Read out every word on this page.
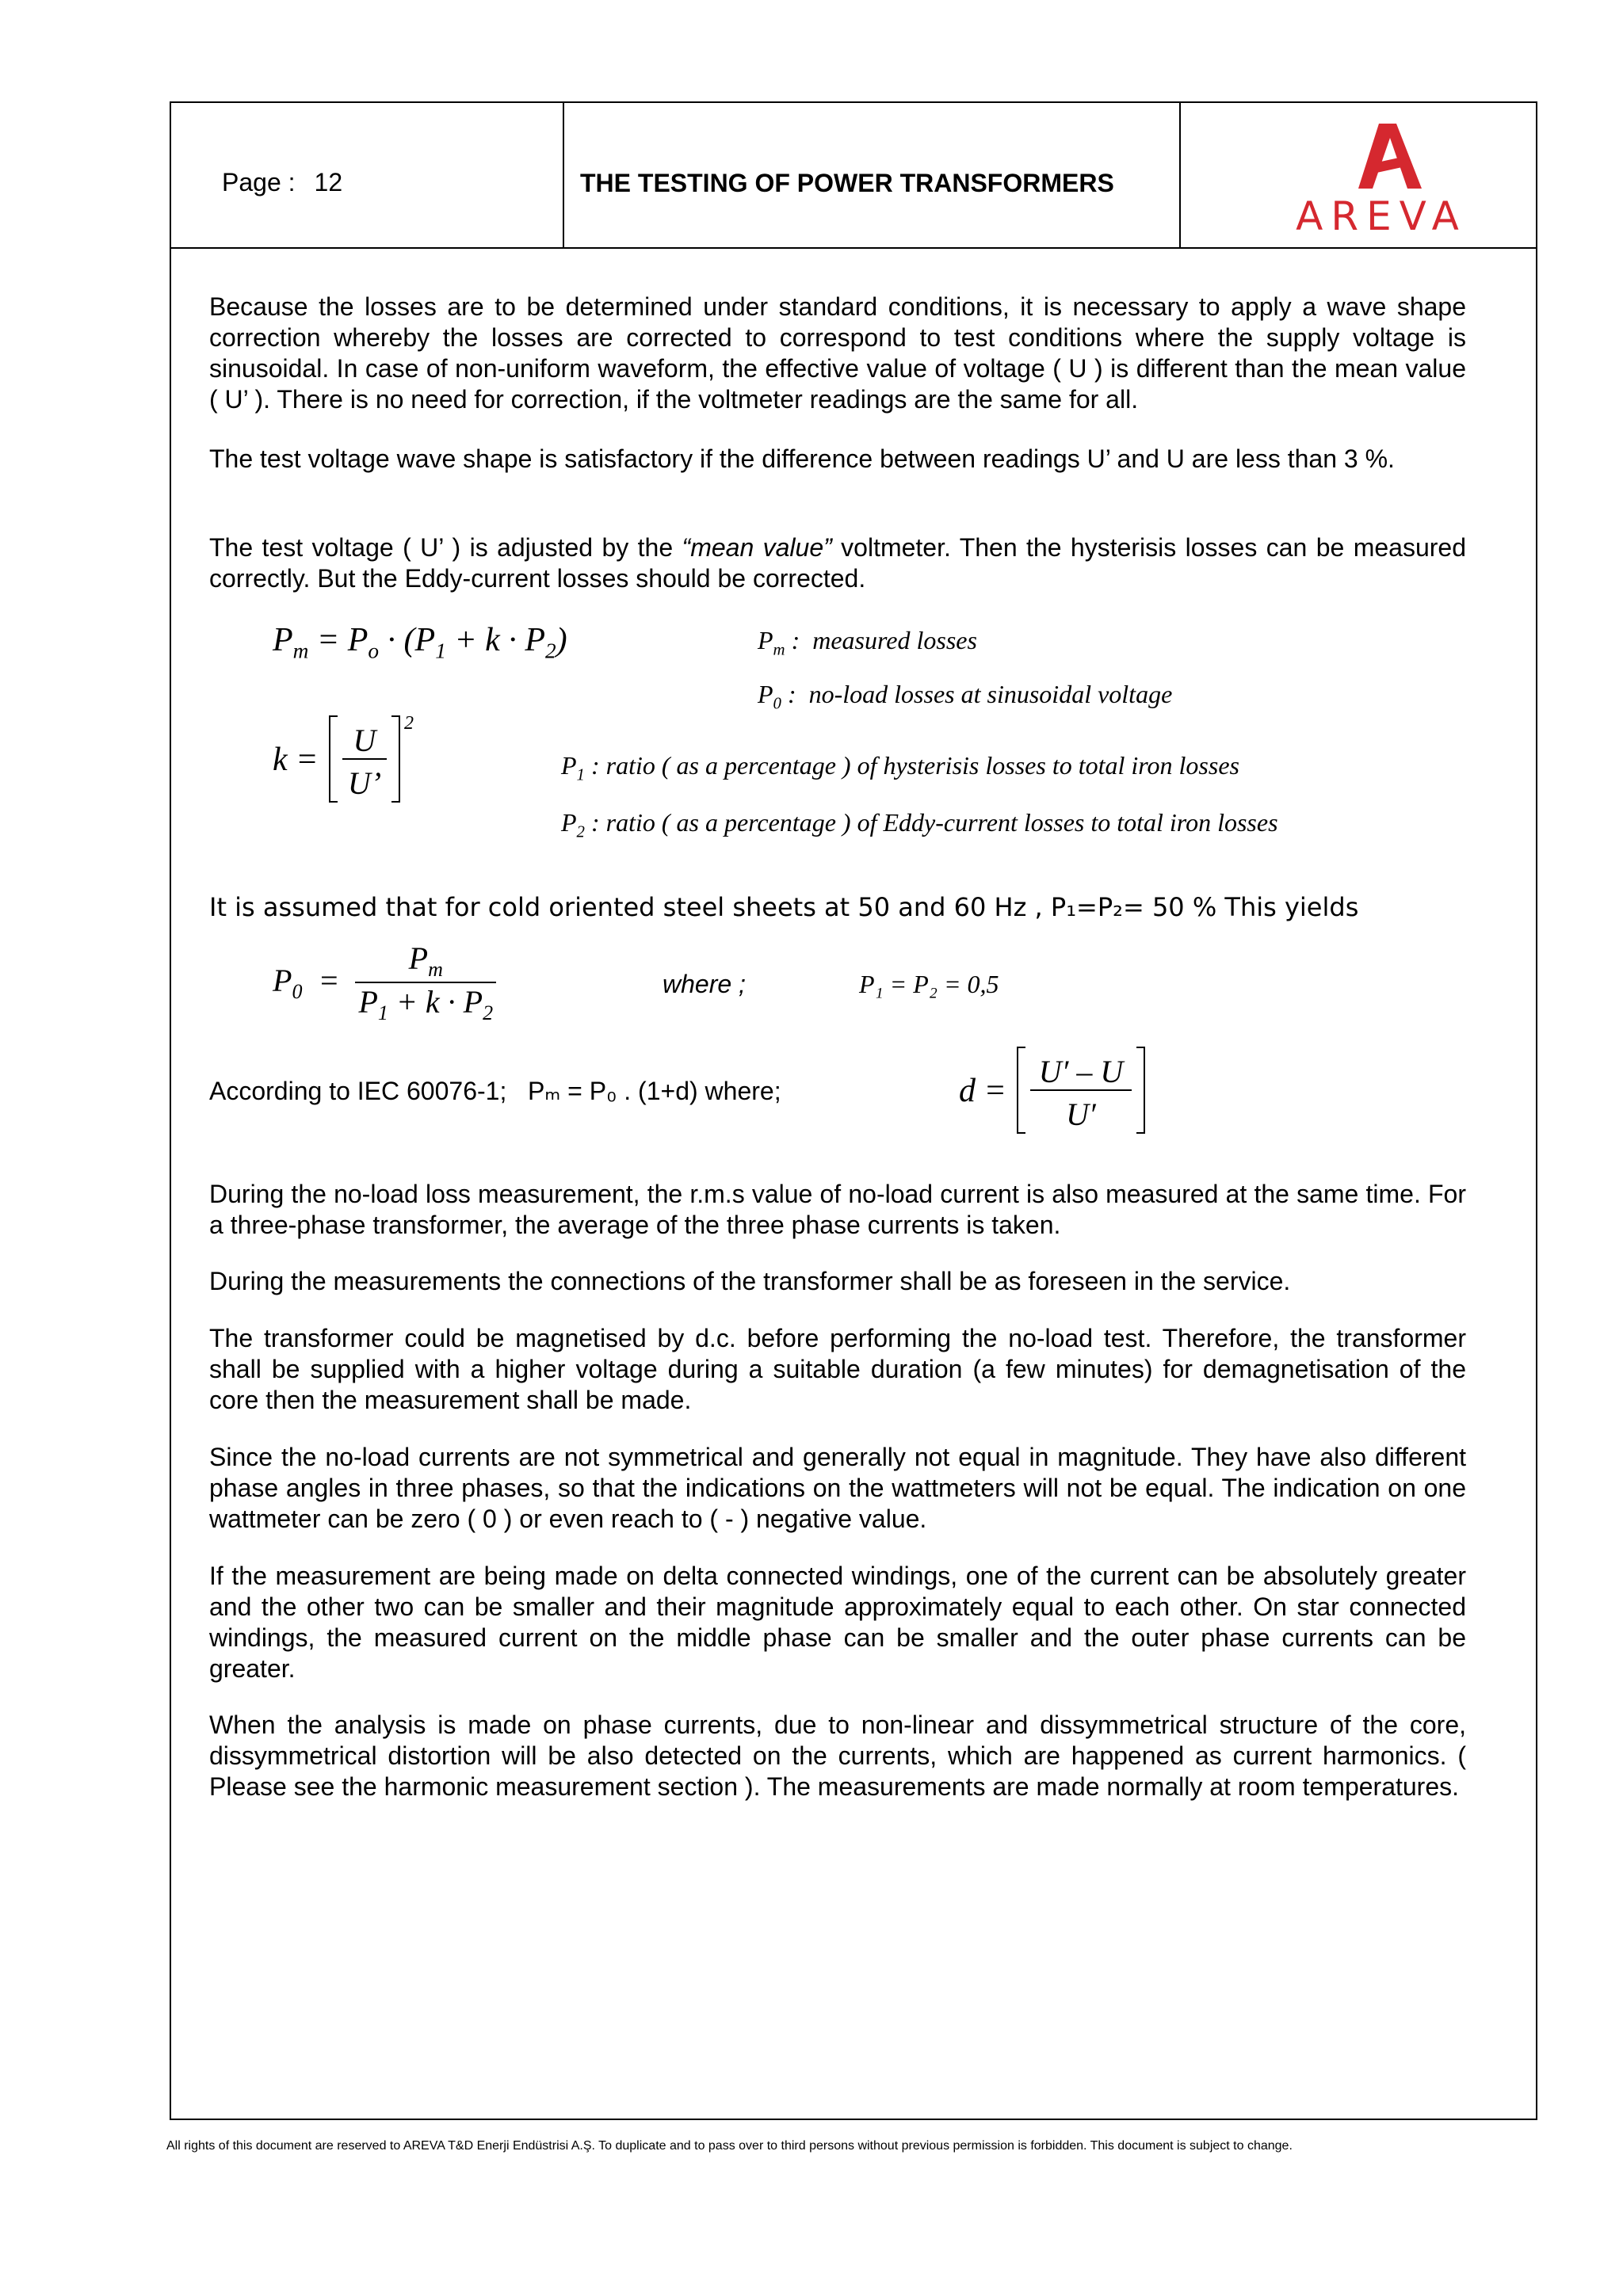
Page : 12	THE TESTING OF POWER TRANSFORMERS
AREVA
Because the losses are to be determined under standard conditions, it is necessary to apply a wave shape correction whereby the losses are corrected to correspond to test conditions where the supply voltage is sinusoidal. In case of non-uniform waveform, the effective value of voltage ( U ) is different than the mean value ( U’ ). There is no need for correction, if the voltmeter readings are the same for all.
The test voltage wave shape is satisfactory if the difference between readings U’ and U are less than 3 %.
The test voltage ( U’ ) is adjusted by the “mean value” voltmeter. Then the hysterisis losses can be measured correctly. But the Eddy-current losses should be corrected.
$P_m = P_o \cdot (P_1 + k \cdot P_2)$	$P_m$ :  measured losses
$P_0$ :  no-load losses at sinusoidal voltage
k =
U
U’
2
$P_1$ : ratio ( as a percentage ) of hysterisis losses to total iron losses
$P_2$ : ratio ( as a percentage ) of Eddy-current losses to total iron losses
It is assumed that for cold oriented steel sheets at 50 and 60 Hz , P₁=P₂= 50 % This yields
$P_0 = \frac{P_m}{P_1 + k \cdot P_2}$	where ;	P₁ = P₂ = 0,5
According to IEC 60076-1; Pₘ = P₀ . (1+d) where;	d =
U′ – U
U′
During the no-load loss measurement, the r.m.s value of no-load current is also measured at the same time. For a three-phase transformer, the average of the three phase currents is taken.
During the measurements the connections of the transformer shall be as foreseen in the service.
The transformer could be magnetised by d.c. before performing the no-load test. Therefore, the transformer shall be supplied with a higher voltage during a suitable duration (a few minutes) for demagnetisation of the core then the measurement shall be made.
Since the no-load currents are not symmetrical and generally not equal in magnitude. They have also different phase angles in three phases, so that the indications on the wattmeters will not be equal. The indication on one wattmeter can be zero ( 0 ) or even reach to ( - ) negative value.
If the measurement are being made on delta connected windings, one of the current can be absolutely greater and the other two can be smaller and their magnitude approximately equal to each other. On star connected windings, the measured current on the middle phase can be smaller and the outer phase currents can be greater.
When the analysis is made on phase currents, due to non-linear and dissymmetrical structure of the core, dissymmetrical distortion will be also detected on the currents, which are happened as current harmonics. ( Please see the harmonic measurement section ). The measurements are made normally at room temperatures.
All rights of this document are reserved to AREVA T&D Enerji Endüstrisi A.Ş. To duplicate and to pass over to third persons without previous permission is forbidden. This document is subject to change.
